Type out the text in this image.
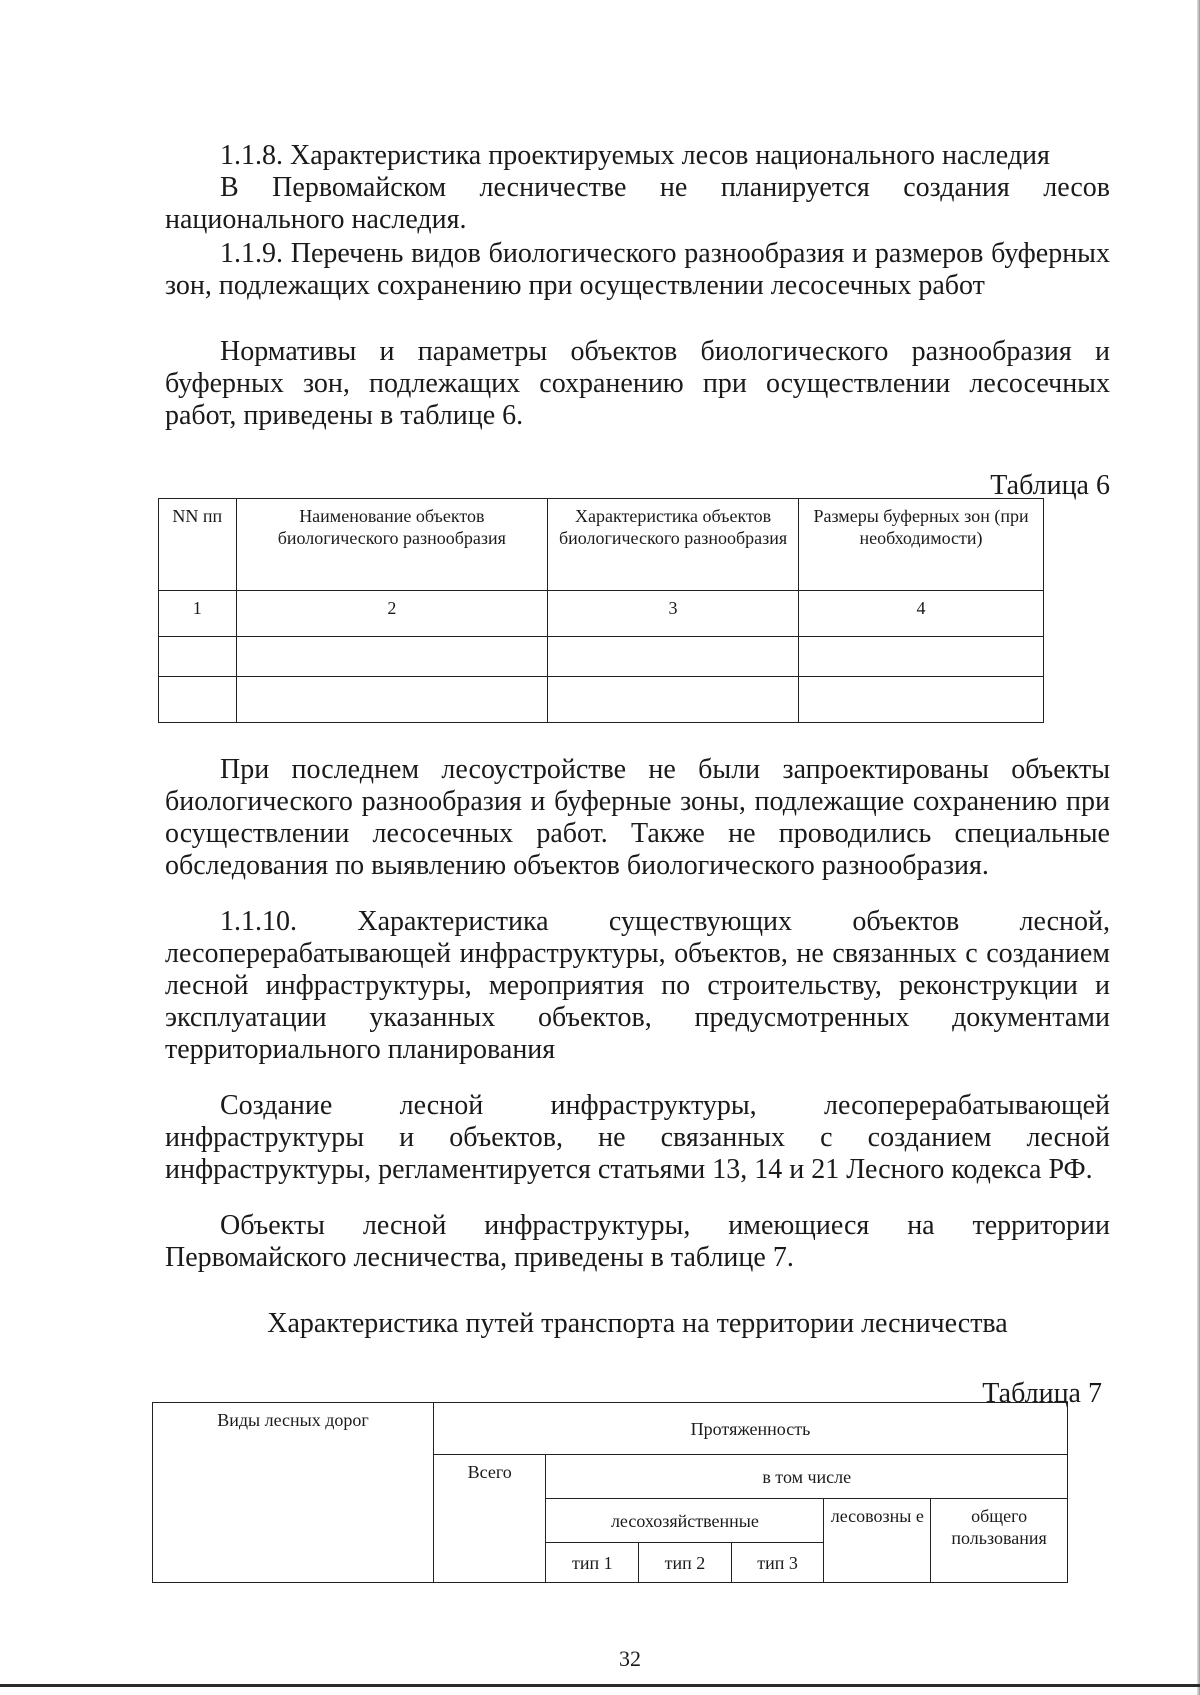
1.1.8. Характеристика проектируемых лесов национального наследия

В Первомайском лесничестве не планируется создания лесов национального наследия.

1.1.9. Перечень видов биологического разнообразия и размеров буферных зон, подлежащих сохранению при осуществлении лесосечных работ

Нормативы и параметры объектов биологического разнообразия и буферных зон, подлежащих сохранению при осуществлении лесосечных работ, приведены в таблице 6.

Таблица 6
NN пп	Наименование объектов биологического разнообразия	Характеристика объектов биологического разнообразия	Размеры буферных зон (при необходимости)
1	2	3	4

При последнем лесоустройстве не были запроектированы объекты биологического разнообразия и буферные зоны, подлежащие сохранению при осуществлении лесосечных работ. Также не проводились специальные обследования по выявлению объектов биологического разнообразия.

1.1.10. Характеристика существующих объектов лесной, лесоперерабатывающей инфраструктуры, объектов, не связанных с созданием лесной инфраструктуры, мероприятия по строительству, реконструкции и эксплуатации указанных объектов, предусмотренных документами территориального планирования

Создание лесной инфраструктуры, лесоперерабатывающей инфраструктуры и объектов, не связанных с созданием лесной инфраструктуры, регламентируется статьями 13, 14 и 21 Лесного кодекса РФ.

Объекты лесной инфраструктуры, имеющиеся на территории Первомайского лесничества, приведены в таблице 7.

Характеристика путей транспорта на территории лесничества

Таблица 7
Виды лесных дорог	Протяженность					
	Всего	в том числе				
		лесохозяйственные			лесовозны е	общего пользования
		тип 1	тип 2	тип 3		
32
